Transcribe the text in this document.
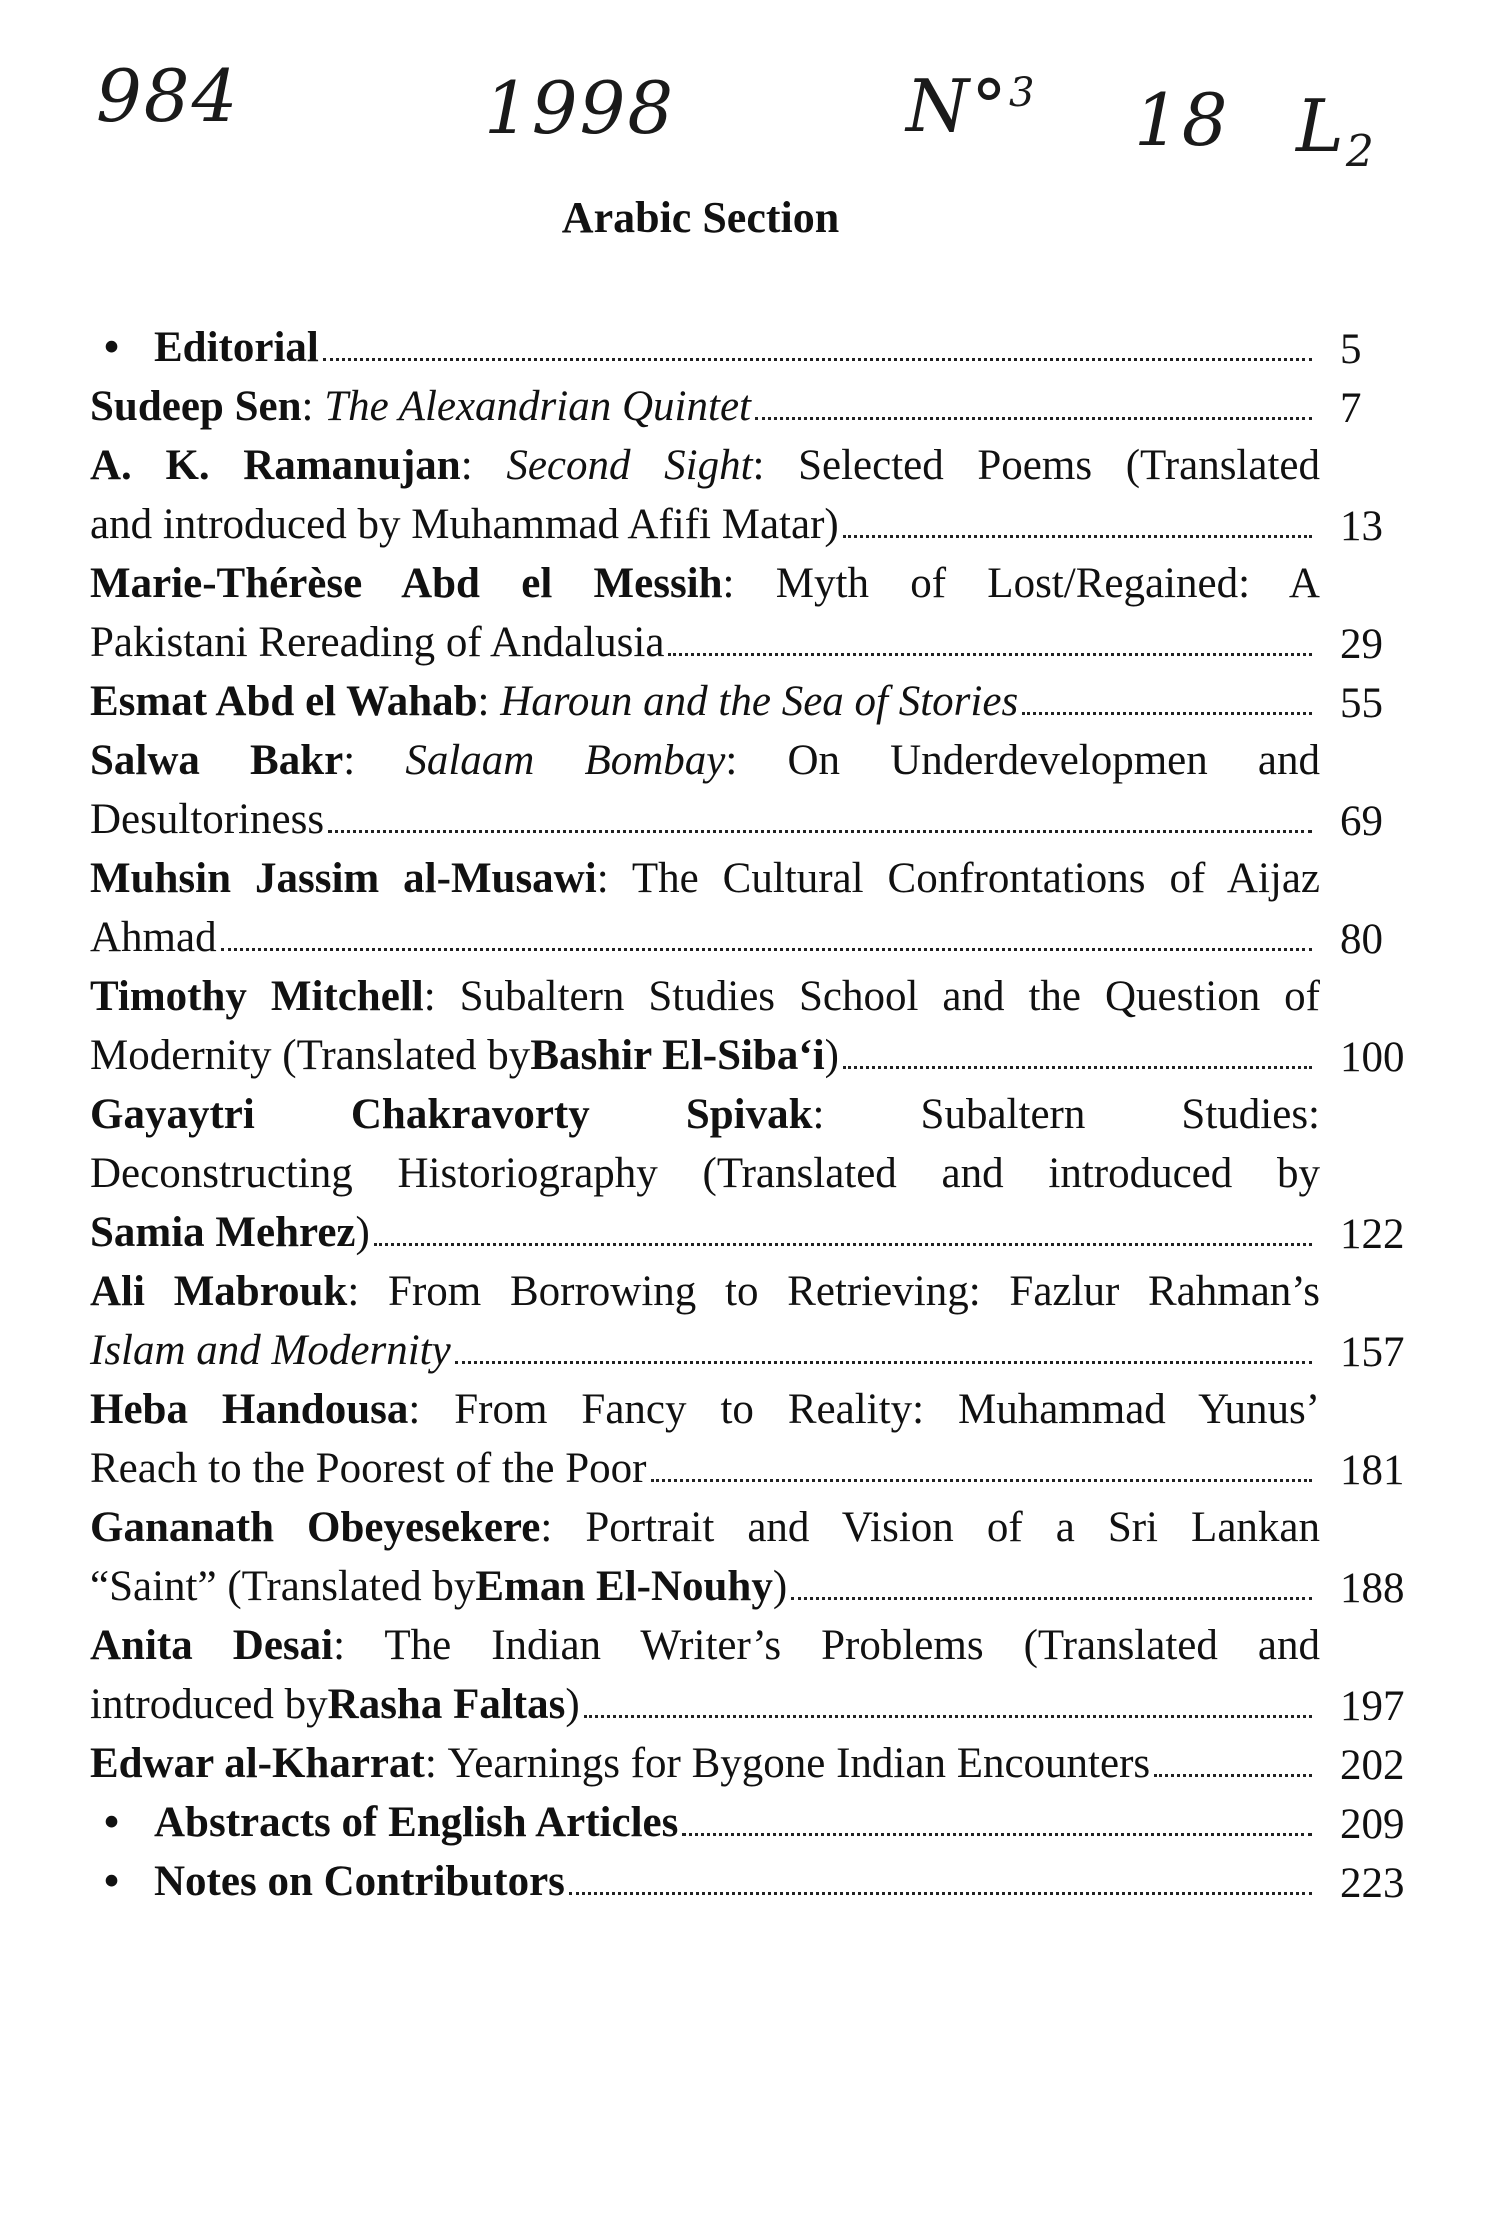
984	1998	N°$^3$ 18 $L_2$
Arabic Section
• Editorial	5
Sudeep Sen : The Alexandrian Quintet	7
A. K. Ramanujan: Second Sight: Selected Poems (Translated
and introduced by Muhammad Afifi Matar)	13
Marie-Thérèse Abd el Messih: Myth of Lost/Regained: A
Pakistani Rereading of Andalusia	29
Esmat Abd el Wahab : Haroun and the Sea of Stories	55
Salwa Bakr: Salaam Bombay: On Underdevelopmen and
Desultoriness	69
Muhsin Jassim al-Musawi: The Cultural Confrontations of Aijaz
Ahmad	80
Timothy Mitchell: Subaltern Studies School and the Question of
Modernity (Translated by Bashir El-Siba‘i )	100
Gayaytri Chakravorty Spivak: Subaltern Studies:
Deconstructing Historiography (Translated and introduced by
Samia Mehrez )	122
Ali Mabrouk: From Borrowing to Retrieving: Fazlur Rahman’s
Islam and Modernity	157
Heba Handousa: From Fancy to Reality: Muhammad Yunus’
Reach to the Poorest of the Poor	181
Gananath Obeyesekere: Portrait and Vision of a Sri Lankan
“Saint” (Translated by Eman El-Nouhy )	188
Anita Desai: The Indian Writer’s Problems (Translated and
introduced by Rasha Faltas )	197
Edwar al-Kharrat : Yearnings for Bygone Indian Encounters	202
• Abstracts of English Articles	209
• Notes on Contributors	223
